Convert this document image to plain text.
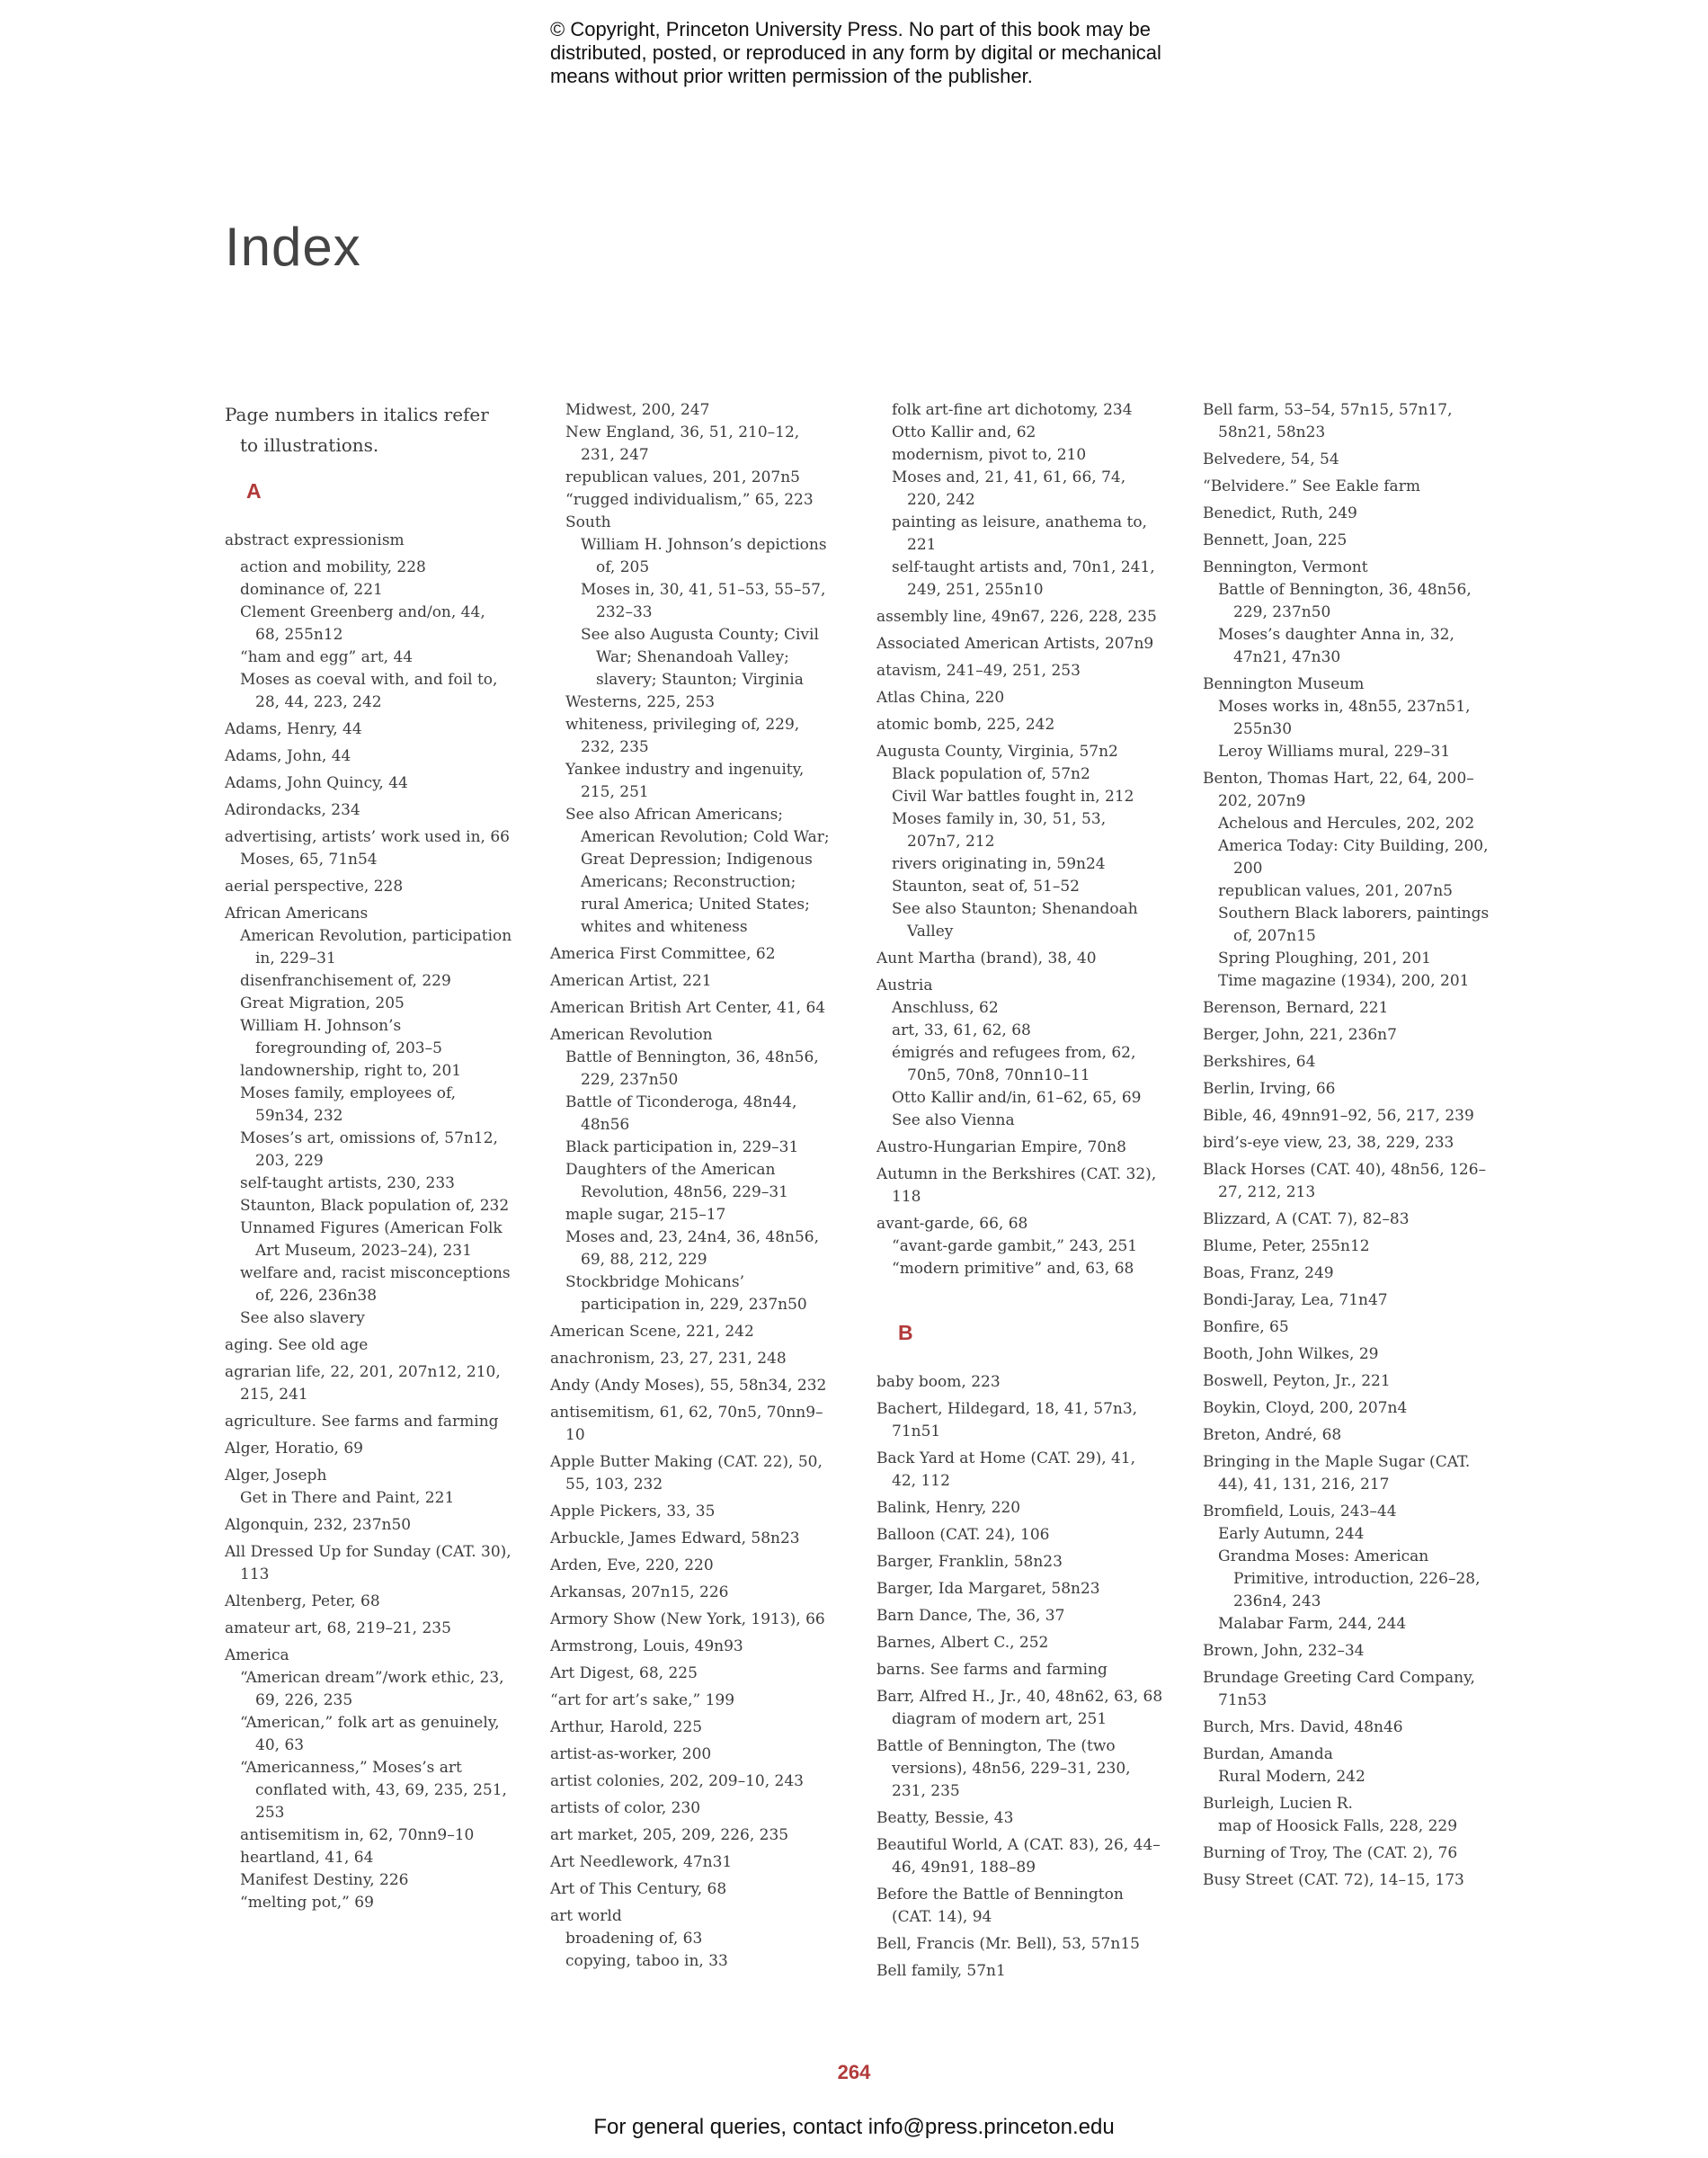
© Copyright, Princeton University Press. No part of this book may be distributed, posted, or reproduced in any form by digital or mechanical means without prior written permission of the publisher.
Index

Page numbers in italics refer to illustrations.

A

abstract expressionism

action and mobility, 228

dominance of, 221

Clement Greenberg and/on, 44, 68, 255n12

“ham and egg” art, 44

Moses as coeval with, and foil to, 28, 44, 223, 242

Adams, Henry, 44

Adams, John, 44

Adams, John Quincy, 44

Adirondacks, 234

advertising, artists’ work used in, 66

Moses, 65, 71n54

aerial perspective, 228

African Americans

American Revolution, participation in, 229–31

disenfranchisement of, 229

Great Migration, 205

William H. Johnson’s foregrounding of, 203–5

landownership, right to, 201

Moses family, employees of, 59n34, 232

Moses’s art, omissions of, 57n12, 203, 229

self-taught artists, 230, 233

Staunton, Black population of, 232

Unnamed Figures (American Folk Art Museum, 2023–24), 231

welfare and, racist misconceptions of, 226, 236n38

See also slavery

aging. See old age

agrarian life, 22, 201, 207n12, 210, 215, 241

agriculture. See farms and farming

Alger, Horatio, 69

Alger, Joseph

Get in There and Paint, 221

Algonquin, 232, 237n50

All Dressed Up for Sunday (CAT. 30), 113

Altenberg, Peter, 68

amateur art, 68, 219–21, 235

America

“American dream”/work ethic, 23, 69, 226, 235

“American,” folk art as genuinely, 40, 63

“Americanness,” Moses’s art conflated with, 43, 69, 235, 251, 253

antisemitism in, 62, 70nn9–10

heartland, 41, 64

Manifest Destiny, 226

“melting pot,” 69

Midwest, 200, 247

New England, 36, 51, 210–12, 231, 247

republican values, 201, 207n5

“rugged individualism,” 65, 223

South

William H. Johnson’s depictions of, 205

Moses in, 30, 41, 51–53, 55–57, 232–33

See also Augusta County; Civil War; Shenandoah Valley; slavery; Staunton; Virginia

Westerns, 225, 253

whiteness, privileging of, 229, 232, 235

Yankee industry and ingenuity, 215, 251

See also African Americans; American Revolution; Cold War; Great Depression; Indigenous Americans; Reconstruction; rural America; United States; whites and whiteness

America First Committee, 62

American Artist, 221

American British Art Center, 41, 64

American Revolution

Battle of Bennington, 36, 48n56, 229, 237n50

Battle of Ticonderoga, 48n44, 48n56

Black participation in, 229–31

Daughters of the American Revolution, 48n56, 229–31

maple sugar, 215–17

Moses and, 23, 24n4, 36, 48n56, 69, 88, 212, 229

Stockbridge Mohicans’ participation in, 229, 237n50

American Scene, 221, 242

anachronism, 23, 27, 231, 248

Andy (Andy Moses), 55, 58n34, 232

antisemitism, 61, 62, 70n5, 70nn9–10

Apple Butter Making (CAT. 22), 50, 55, 103, 232

Apple Pickers, 33, 35

Arbuckle, James Edward, 58n23

Arden, Eve, 220, 220

Arkansas, 207n15, 226

Armory Show (New York, 1913), 66

Armstrong, Louis, 49n93

Art Digest, 68, 225

“art for art’s sake,” 199

Arthur, Harold, 225

artist-as-worker, 200

artist colonies, 202, 209–10, 243

artists of color, 230

art market, 205, 209, 226, 235

Art Needlework, 47n31

Art of This Century, 68

art world

broadening of, 63

copying, taboo in, 33

folk art-fine art dichotomy, 234

Otto Kallir and, 62

modernism, pivot to, 210

Moses and, 21, 41, 61, 66, 74, 220, 242

painting as leisure, anathema to, 221

self-taught artists and, 70n1, 241, 249, 251, 255n10

assembly line, 49n67, 226, 228, 235

Associated American Artists, 207n9

atavism, 241–49, 251, 253

Atlas China, 220

atomic bomb, 225, 242

Augusta County, Virginia, 57n2

Black population of, 57n2

Civil War battles fought in, 212

Moses family in, 30, 51, 53, 207n7, 212

rivers originating in, 59n24

Staunton, seat of, 51–52

See also Staunton; Shenandoah Valley

Aunt Martha (brand), 38, 40

Austria

Anschluss, 62

art, 33, 61, 62, 68

émigrés and refugees from, 62, 70n5, 70n8, 70nn10–11

Otto Kallir and/in, 61–62, 65, 69

See also Vienna

Austro-Hungarian Empire, 70n8

Autumn in the Berkshires (CAT. 32), 118

avant-garde, 66, 68

“avant-garde gambit,” 243, 251

“modern primitive” and, 63, 68

B

baby boom, 223

Bachert, Hildegard, 18, 41, 57n3, 71n51

Back Yard at Home (CAT. 29), 41, 42, 112

Balink, Henry, 220

Balloon (CAT. 24), 106

Barger, Franklin, 58n23

Barger, Ida Margaret, 58n23

Barn Dance, The, 36, 37

Barnes, Albert C., 252

barns. See farms and farming

Barr, Alfred H., Jr., 40, 48n62, 63, 68

diagram of modern art, 251

Battle of Bennington, The (two versions), 48n56, 229–31, 230, 231, 235

Beatty, Bessie, 43

Beautiful World, A (CAT. 83), 26, 44–46, 49n91, 188–89

Before the Battle of Bennington (CAT. 14), 94

Bell, Francis (Mr. Bell), 53, 57n15

Bell family, 57n1

Bell farm, 53–54, 57n15, 57n17, 58n21, 58n23

Belvedere, 54, 54

“Belvidere.” See Eakle farm

Benedict, Ruth, 249

Bennett, Joan, 225

Bennington, Vermont

Battle of Bennington, 36, 48n56, 229, 237n50

Moses’s daughter Anna in, 32, 47n21, 47n30

Bennington Museum

Moses works in, 48n55, 237n51, 255n30

Leroy Williams mural, 229–31

Benton, Thomas Hart, 22, 64, 200–202, 207n9

Achelous and Hercules, 202, 202

America Today: City Building, 200, 200

republican values, 201, 207n5

Southern Black laborers, paintings of, 207n15

Spring Ploughing, 201, 201

Time magazine (1934), 200, 201

Berenson, Bernard, 221

Berger, John, 221, 236n7

Berkshires, 64

Berlin, Irving, 66

Bible, 46, 49nn91–92, 56, 217, 239

bird’s-eye view, 23, 38, 229, 233

Black Horses (CAT. 40), 48n56, 126–27, 212, 213

Blizzard, A (CAT. 7), 82–83

Blume, Peter, 255n12

Boas, Franz, 249

Bondi-Jaray, Lea, 71n47

Bonfire, 65

Booth, John Wilkes, 29

Boswell, Peyton, Jr., 221

Boykin, Cloyd, 200, 207n4

Breton, André, 68

Bringing in the Maple Sugar (CAT. 44), 41, 131, 216, 217

Bromfield, Louis, 243–44

Early Autumn, 244

Grandma Moses: American Primitive, introduction, 226–28, 236n4, 243

Malabar Farm, 244, 244

Brown, John, 232–34

Brundage Greeting Card Company, 71n53

Burch, Mrs. David, 48n46

Burdan, Amanda

Rural Modern, 242

Burleigh, Lucien R.

map of Hoosick Falls, 228, 229

Burning of Troy, The (CAT. 2), 76

Busy Street (CAT. 72), 14–15, 173

264
For general queries, contact info@press.princeton.edu
